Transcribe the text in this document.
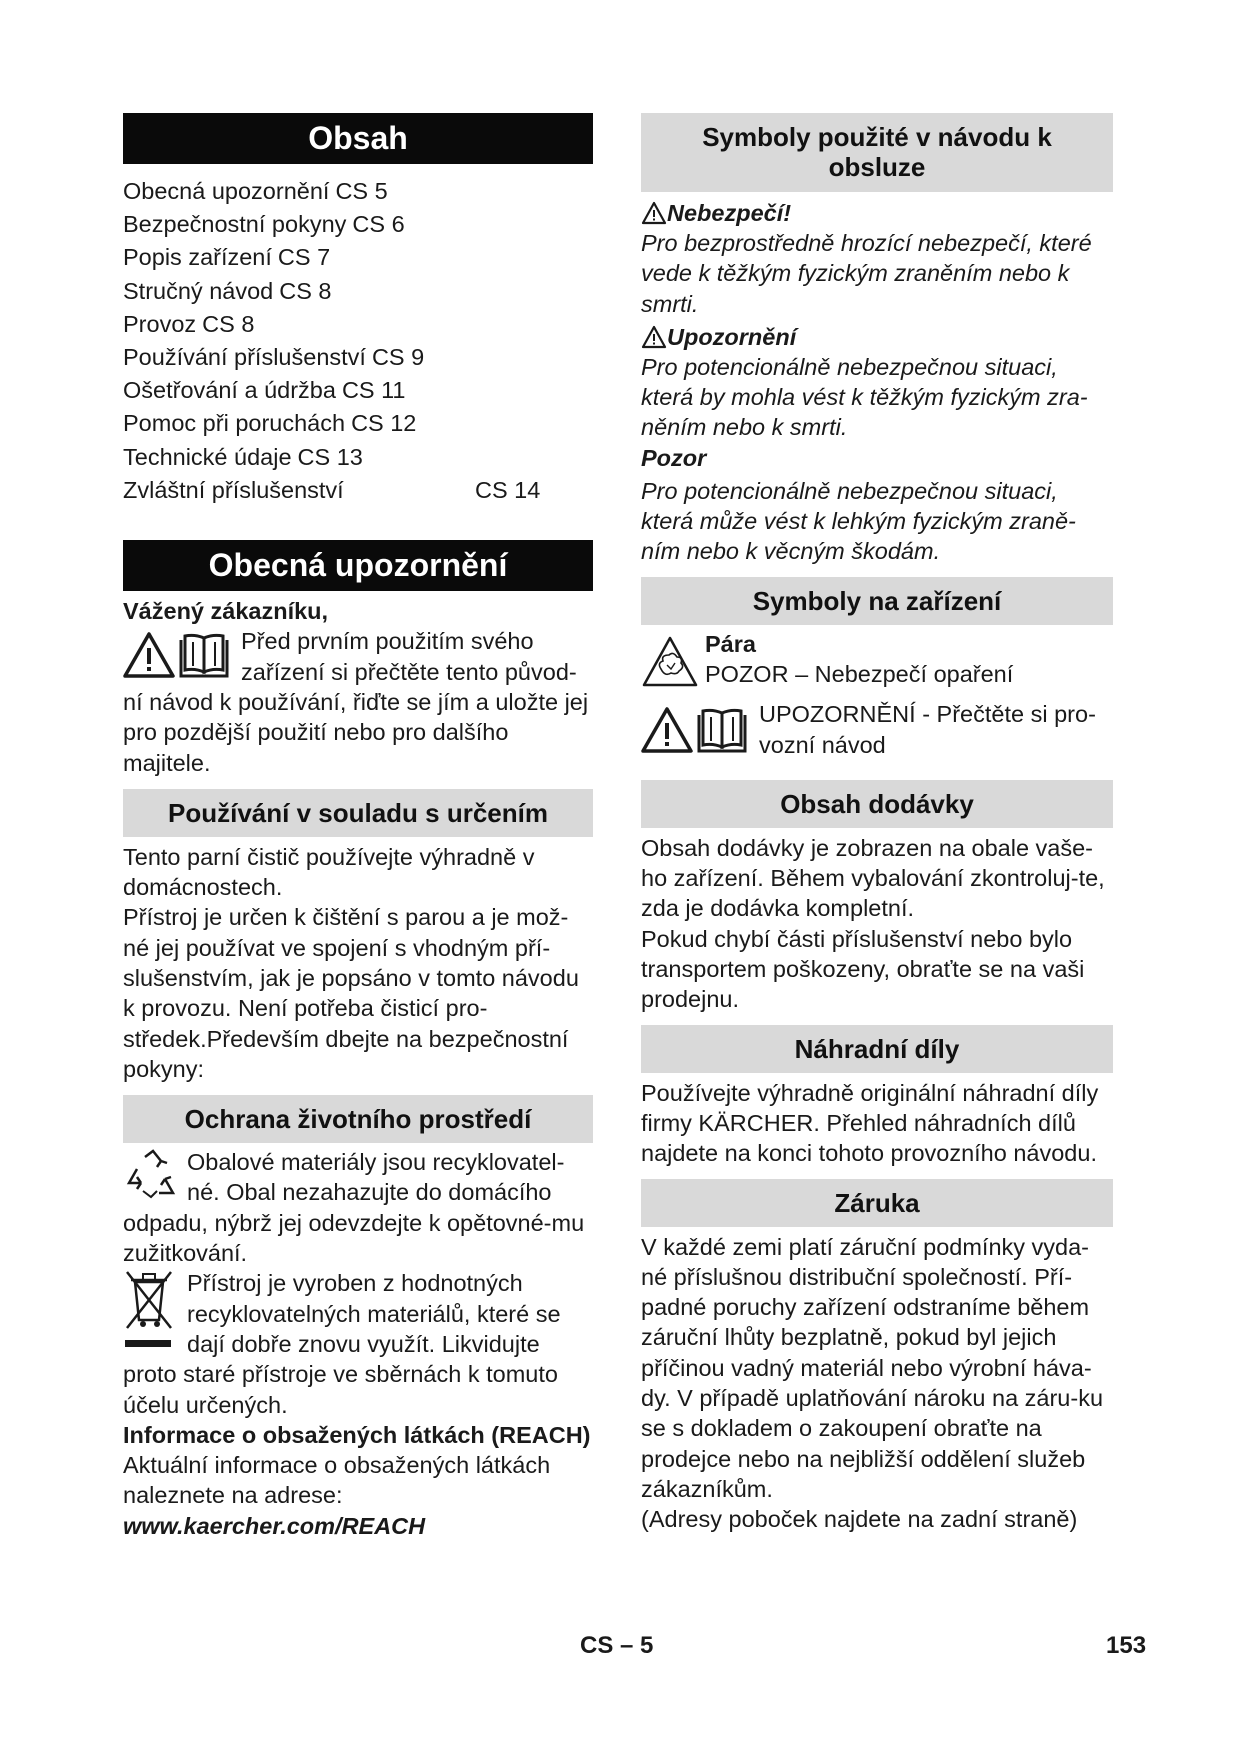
Obsah
Obecná upozornění CS 5
Bezpečnostní pokyny CS 6
Popis zařízení CS 7
Stručný návod CS 8
Provoz CS 8
Používání příslušenství CS 9
Ošetřování a údržba CS 11
Pomoc při poruchách CS 12
Technické údaje CS 13
Zvláštní příslušenství	CS 14
Obecná upozornění
Vážený zákazníku,
Před prvním použitím svého
zařízení si přečtěte tento původ-
ní návod k používání, řiďte se jím a uložte jej pro pozdější použití nebo pro dalšího majitele.
Používání v souladu s určením
Tento parní čistič používejte výhradně v domácnostech.
Přístroj je určen k čištění s parou a je mož-né jej používat ve spojení s vhodným pří-slušenstvím, jak je popsáno v tomto návodu k provozu. Není potřeba čisticí pro-středek.Především dbejte na bezpečnostní pokyny:
Ochrana životního prostředí
Obalové materiály jsou recyklovatel-
né. Obal nezahazujte do domácího
odpadu, nýbrž jej odevzdejte k opětovné-mu zužitkování.
Přístroj je vyroben z hodnotných
recyklovatelných materiálů, které se
dají dobře znovu využít. Likvidujte
proto staré přístroje ve sběrnách k tomuto účelu určených.
Informace o obsažených látkách (REACH)
Aktuální informace o obsažených látkách naleznete na adrese:
www.kaercher.com/REACH
Symboly použité v návodu k obsluze
Nebezpečí!
Pro bezprostředně hrozící nebezpečí, které vede k těžkým fyzickým zraněním nebo k smrti.
Upozornění
Pro potencionálně nebezpečnou situaci, která by mohla vést k těžkým fyzickým zra-něním nebo k smrti.
Pozor
Pro potencionálně nebezpečnou situaci, která může vést k lehkým fyzickým zraně-ním nebo k věcným škodám.
Symboly na zařízení
Pára
POZOR – Nebezpečí opaření
UPOZORNĚNÍ - Přečtěte si pro-vozní návod
Obsah dodávky
Obsah dodávky je zobrazen na obale vaše-ho zařízení. Během vybalování zkontroluj-te, zda je dodávka kompletní.
Pokud chybí části příslušenství nebo bylo transportem poškozeny, obraťte se na vaši prodejnu.
Náhradní díly
Používejte výhradně originální náhradní díly firmy KÄRCHER. Přehled náhradních dílů najdete na konci tohoto provozního návodu.
Záruka
V každé zemi platí záruční podmínky vyda-né příslušnou distribuční společností. Pří-padné poruchy zařízení odstraníme během záruční lhůty bezplatně, pokud byl jejich příčinou vadný materiál nebo výrobní háva-dy. V případě uplatňování nároku na záru-ku se s dokladem o zakoupení obraťte na prodejce nebo na nejbližší oddělení služeb zákazníkům.
(Adresy poboček najdete na zadní straně)
CS – 5	153
